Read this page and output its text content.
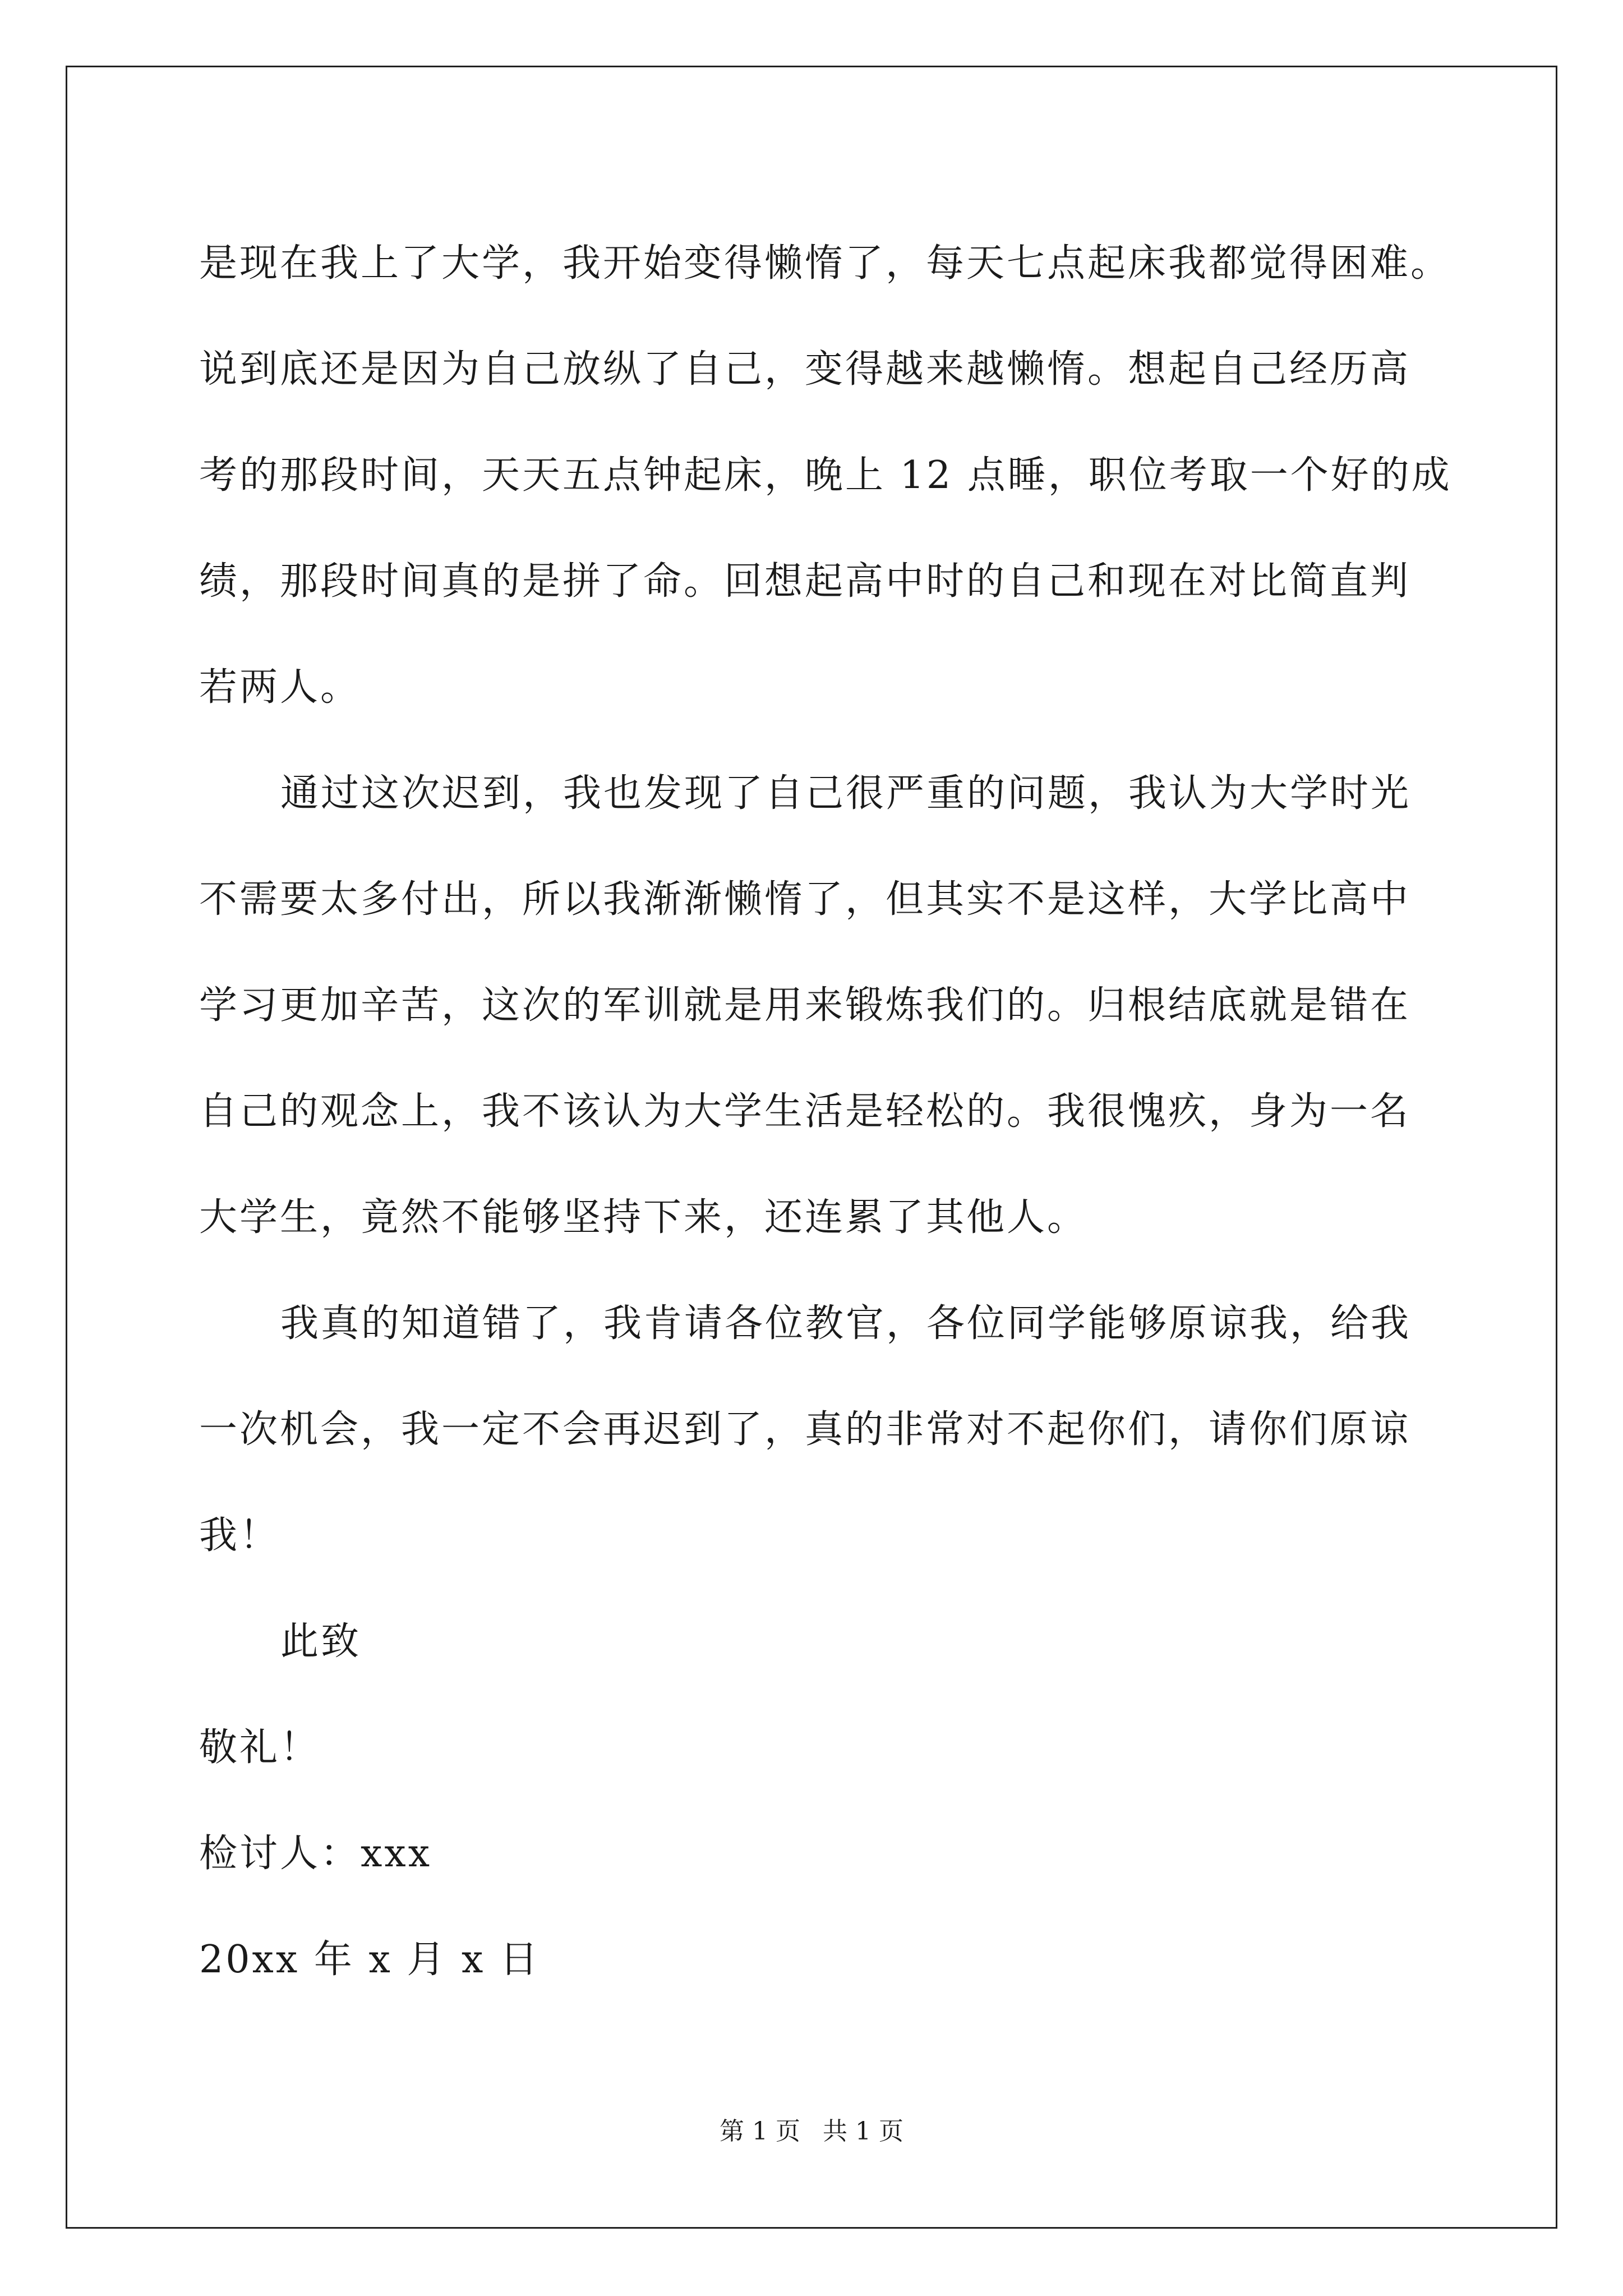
是现在我上了大学，我开始变得懒惰了，每天七点起床我都觉得困难。
说到底还是因为自己放纵了自己，变得越来越懒惰。想起自己经历高
考的那段时间，天天五点钟起床，晚上 12 点睡，职位考取一个好的成
绩，那段时间真的是拼了命。回想起高中时的自己和现在对比简直判
若两人。
通过这次迟到，我也发现了自己很严重的问题，我认为大学时光
不需要太多付出，所以我渐渐懒惰了，但其实不是这样，大学比高中
学习更加辛苦，这次的军训就是用来锻炼我们的。归根结底就是错在
自己的观念上，我不该认为大学生活是轻松的。我很愧疚，身为一名
大学生，竟然不能够坚持下来，还连累了其他人。
我真的知道错了，我肯请各位教官，各位同学能够原谅我，给我
一次机会，我一定不会再迟到了，真的非常对不起你们，请你们原谅
我！
此致
敬礼！
检讨人：xxx
20xx 年 x 月 x 日
第 1 页 共 1 页
